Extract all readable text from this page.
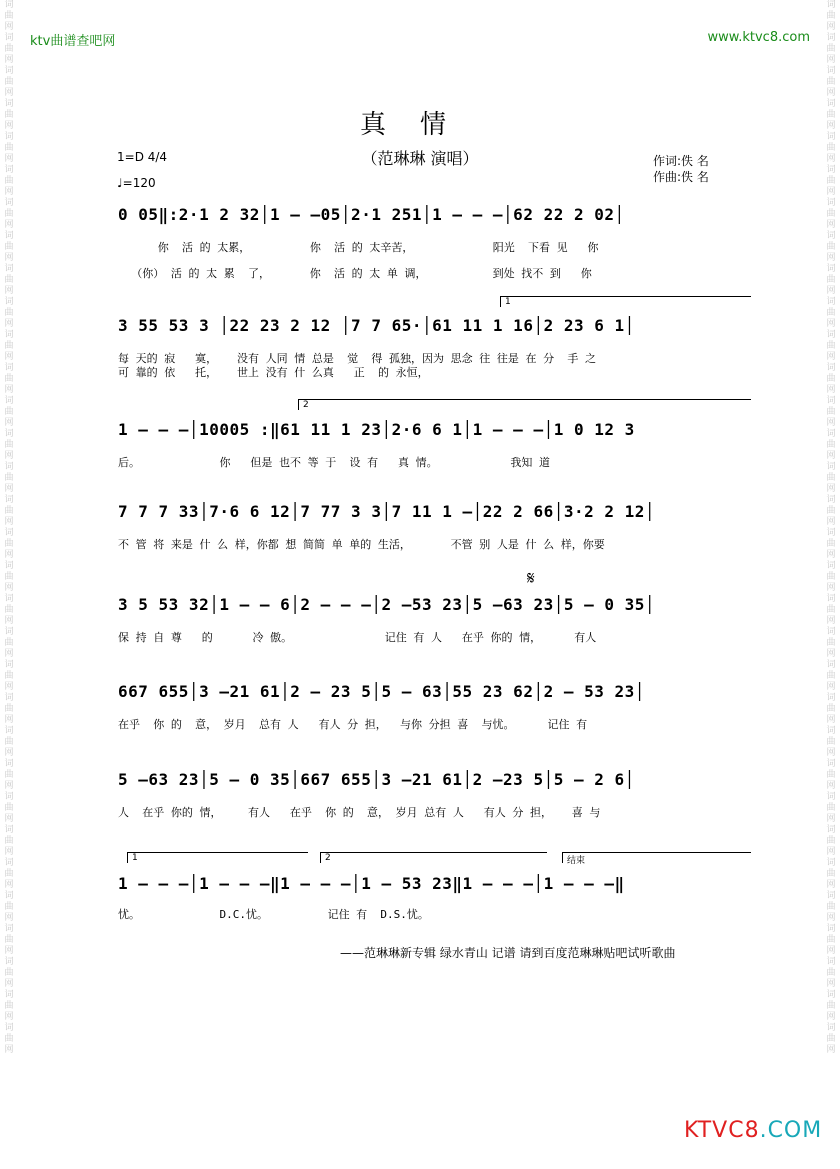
词曲网词曲网词曲网词曲网词曲网词曲网词曲网词曲网词曲网词曲网词曲网词曲网词曲网词曲网词曲网词曲网词曲网词曲网词曲网词曲网词曲网词曲网词曲网词曲网词曲网词曲网词曲网词曲网词曲网词曲网词曲网词曲网
词曲网词曲网词曲网词曲网词曲网词曲网词曲网词曲网词曲网词曲网词曲网词曲网词曲网词曲网词曲网词曲网词曲网词曲网词曲网词曲网词曲网词曲网词曲网词曲网词曲网词曲网词曲网词曲网词曲网词曲网词曲网词曲网
ktv曲谱查吧网	www.ktvc8.com
真情
（范琳琳 演唱）
1=D 4/4
♩=120
作词:佚 名
作曲:佚 名
0 05‖:2·1 2 32│1 — —05│2·1 251│1 — — —│62 22 2 02│
你  活 的 太累，         你  活 的 太辛苦，            阳光  下看 见   你
（你） 活 的 太 累  了，      你  活 的 太 单 调，          到处 找不 到   你
1
3 55 53 3 │22 23 2 12 │7 7 65·│61 11 1 16│2 23 6 1│
每 天的 寂   寞，   没有 人同 情 总是  觉  得 孤独，因为 思念 往 往是 在 分  手 之
可 靠的 依   托，   世上 没有 什 么真   正  的 永恒，
2
1 — — —│10005 :‖61 11 1 23│2·6 6 1│1 — — —│1 0 12 3
后。            你   但是 也不 等 于  设 有   真 情。           我知 道
7 7 7 33│7·6 6 12│7 77 3 3│7 11 1 —│22 2 66│3·2 2 12│
不 管 将 来是 什 么 样，你都 想 简简 单 单的 生活，      不管 别 人是 什 么 样，你要
𝄋
3 5 53 32│1 — — 6│2 — — —│2 —53 23│5 —63 23│5 — 0 35│
保 持 自 尊   的      冷 傲。              记住 有 人   在乎 你的 情，     有人
667 655│3 —21 61│2 — 23 5│5 — 63│55 23 62│2 — 53 23│
在乎  你 的  意， 岁月  总有 人   有人 分 担，  与你 分担 喜  与忧。     记住 有
5 —63 23│5 — 0 35│667 655│3 —21 61│2 —23 5│5 — 2 6│
人  在乎 你的 情，    有人   在乎  你 的  意， 岁月 总有 人   有人 分 担，   喜 与
1	2	结束
1 — — —│1 — — —‖1 — — —│1 — 53 23‖1 — — —│1 — — —‖
忧。            D.C.忧。         记住 有  D.S.忧。
——范琳琳新专辑 绿水青山 记谱 请到百度范琳琳贴吧试听歌曲
KTVC8.COM
